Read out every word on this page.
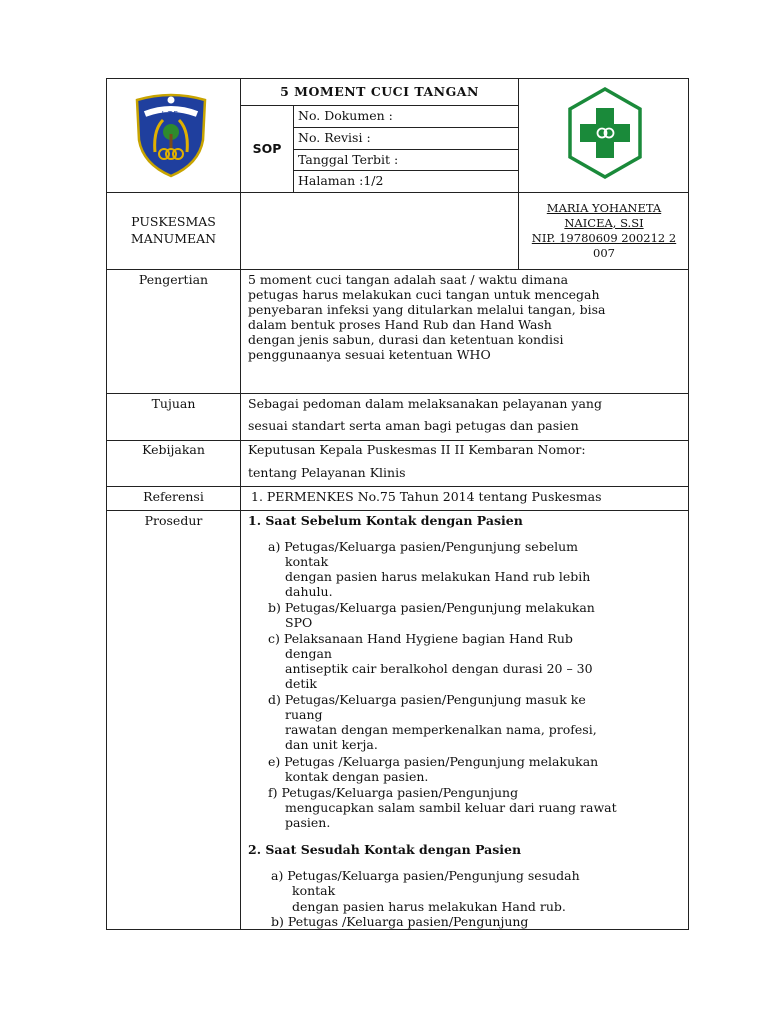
L.T.E.
5 MOMENT CUCI TANGAN
SOP
No. Dokumen :
No. Revisi :
Tanggal Terbit :
Halaman :1/2
PUSKESMAS
MANUMEAN
MARIA YOHANETA
NAICEA, S.SI
NIP. 19780609 200212 2
007
Pengertian	5 moment cuci tangan adalah saat / waktu dimana
petugas harus melakukan cuci tangan untuk mencegah
penyebaran infeksi yang ditularkan melalui tangan, bisa
dalam bentuk proses Hand Rub dan Hand Wash
dengan jenis sabun, durasi dan ketentuan kondisi
penggunaanya sesuai ketentuan WHO
Tujuan	Sebagai pedoman dalam melaksanakan pelayanan yang
sesuai standart serta aman bagi petugas dan pasien
Kebijakan	Keputusan Kepala Puskesmas II II Kembaran Nomor:
tentang Pelayanan Klinis
Referensi	1. PERMENKES No.75 Tahun 2014 tentang Puskesmas
Prosedur	1. Saat Sebelum Kontak dengan Pasien
a) Petugas/Keluarga pasien/Pengunjung sebelum
kontak
dengan pasien harus melakukan Hand rub lebih
dahulu.
b) Petugas/Keluarga pasien/Pengunjung melakukan
SPO
c) Pelaksanaan Hand Hygiene bagian Hand Rub
dengan
antiseptik cair beralkohol dengan durasi 20 – 30
detik
d) Petugas/Keluarga pasien/Pengunjung masuk ke
ruang
rawatan dengan memperkenalkan nama, profesi,
dan unit kerja.
e) Petugas /Keluarga pasien/Pengunjung melakukan
kontak dengan pasien.
f) Petugas/Keluarga pasien/Pengunjung
mengucapkan salam sambil keluar dari ruang rawat
pasien.
2. Saat Sesudah Kontak dengan Pasien
a) Petugas/Keluarga pasien/Pengunjung sesudah
kontak
dengan pasien harus melakukan Hand rub.
b) Petugas /Keluarga pasien/Pengunjung
